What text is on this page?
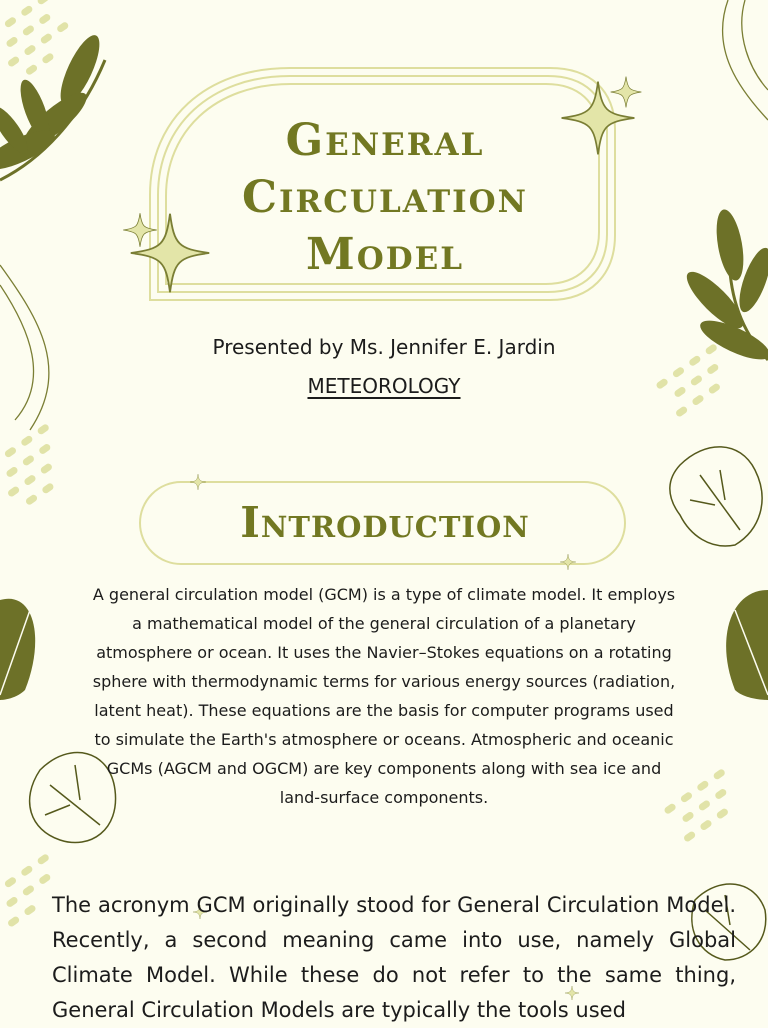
General
Circulation
Model
Presented by Ms. Jennifer E. Jardin
METEOROLOGY
Introduction
A general circulation model (GCM) is a type of climate model. It employs a mathematical model of the general circulation of a planetary atmosphere or ocean. It uses the Navier–Stokes equations on a rotating sphere with thermodynamic terms for various energy sources (radiation, latent heat). These equations are the basis for computer programs used to simulate the Earth's atmosphere or oceans. Atmospheric and oceanic GCMs (AGCM and OGCM) are key components along with sea ice and land-surface components.
The acronym GCM originally stood for General Circulation Model. Recently, a second meaning came into use, namely Global Climate Model. While these do not refer to the same thing, General Circulation Models are typically the tools used
